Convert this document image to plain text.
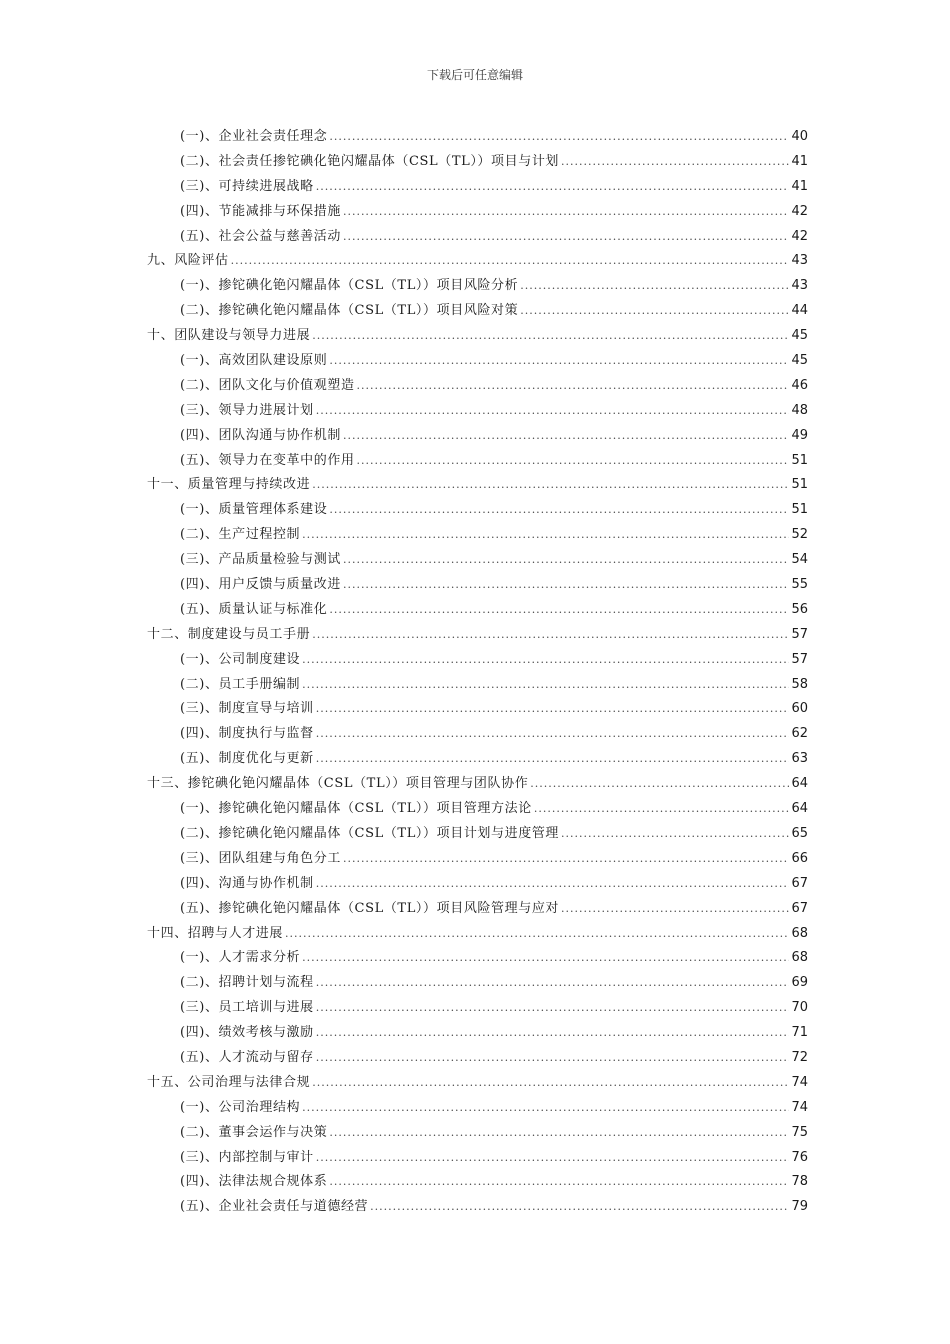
下载后可任意编辑
(一)、企业社会责任理念 .....	40
(二)、社会责任掺铊碘化铯闪耀晶体（CSL（TL））项目与计划 .....	41
(三)、可持续进展战略 .....	41
(四)、节能减排与环保措施 .....	42
(五)、社会公益与慈善活动 .....	42
九、风险评估 .....	43
(一)、掺铊碘化铯闪耀晶体（CSL（TL））项目风险分析 .....	43
(二)、掺铊碘化铯闪耀晶体（CSL（TL））项目风险对策 .....	44
十、团队建设与领导力进展 .....	45
(一)、高效团队建设原则 .....	45
(二)、团队文化与价值观塑造 .....	46
(三)、领导力进展计划 .....	48
(四)、团队沟通与协作机制 .....	49
(五)、领导力在变革中的作用 .....	51
十一、质量管理与持续改进 .....	51
(一)、质量管理体系建设 .....	51
(二)、生产过程控制 .....	52
(三)、产品质量检验与测试 .....	54
(四)、用户反馈与质量改进 .....	55
(五)、质量认证与标准化 .....	56
十二、制度建设与员工手册 .....	57
(一)、公司制度建设 .....	57
(二)、员工手册编制 .....	58
(三)、制度宣导与培训 .....	60
(四)、制度执行与监督 .....	62
(五)、制度优化与更新 .....	63
十三、掺铊碘化铯闪耀晶体（CSL（TL））项目管理与团队协作 .....	64
(一)、掺铊碘化铯闪耀晶体（CSL（TL））项目管理方法论 .....	64
(二)、掺铊碘化铯闪耀晶体（CSL（TL））项目计划与进度管理 .....	65
(三)、团队组建与角色分工 .....	66
(四)、沟通与协作机制 .....	67
(五)、掺铊碘化铯闪耀晶体（CSL（TL））项目风险管理与应对 .....	67
十四、招聘与人才进展 .....	68
(一)、人才需求分析 .....	68
(二)、招聘计划与流程 .....	69
(三)、员工培训与进展 .....	70
(四)、绩效考核与激励 .....	71
(五)、人才流动与留存 .....	72
十五、公司治理与法律合规 .....	74
(一)、公司治理结构 .....	74
(二)、董事会运作与决策 .....	75
(三)、内部控制与审计 .....	76
(四)、法律法规合规体系 .....	78
(五)、企业社会责任与道德经营 .....	79
